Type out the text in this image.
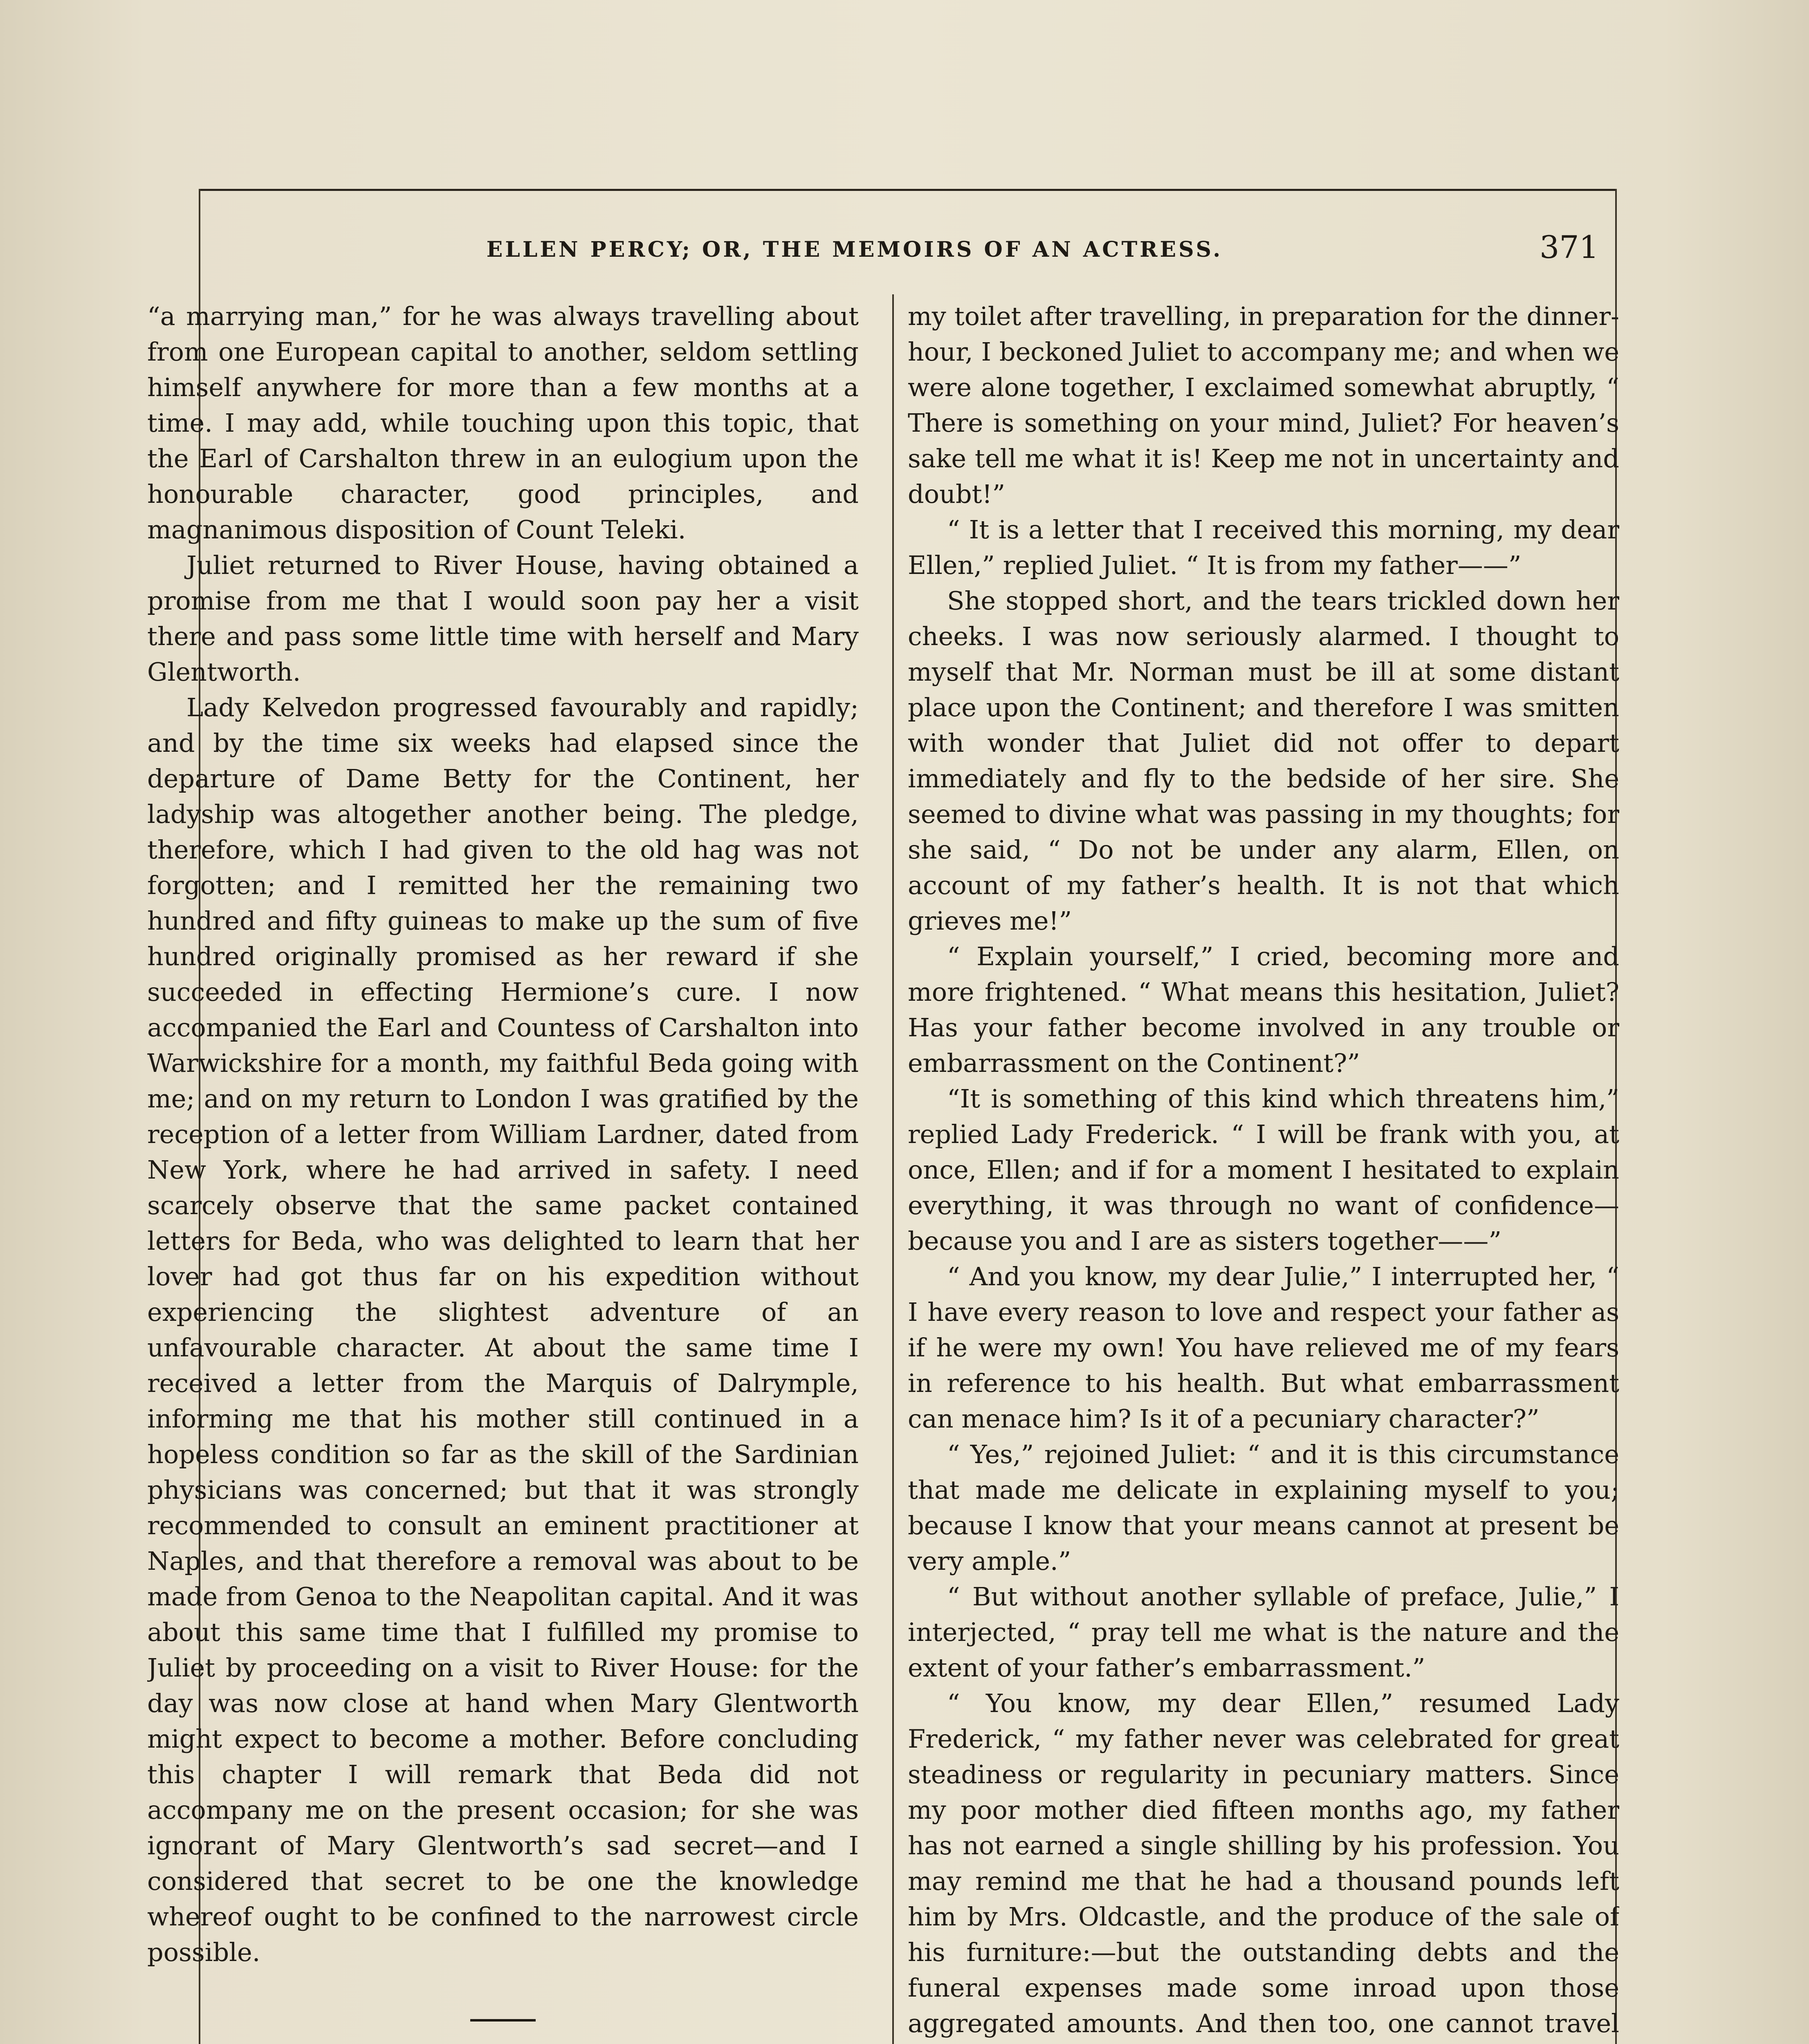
ELLEN PERCY; OR, THE MEMOIRS OF AN ACTRESS.	371

“a marrying man,” for he was always travelling about from one European capital to another, seldom settling himself anywhere for more than a few months at a time. I may add, while touching upon this topic, that the Earl of Carshalton threw in an eulogium upon the honourable character, good principles, and magnanimous disposition of Count Teleki.

Juliet returned to River House, having obtained a promise from me that I would soon pay her a visit there and pass some little time with herself and Mary Glentworth.

Lady Kelvedon progressed favourably and rapidly; and by the time six weeks had elapsed since the departure of Dame Betty for the Continent, her ladyship was altogether another being. The pledge, therefore, which I had given to the old hag was not forgotten; and I remitted her the remaining two hundred and fifty guineas to make up the sum of five hundred originally promised as her reward if she succeeded in effecting Hermione’s cure. I now accompanied the Earl and Countess of Carshalton into Warwickshire for a month, my faithful Beda going with me; and on my return to London I was gratified by the reception of a letter from William Lardner, dated from New York, where he had arrived in safety. I need scarcely observe that the same packet contained letters for Beda, who was delighted to learn that her lover had got thus far on his expedition without experiencing the slightest adventure of an unfavourable character. At about the same time I received a letter from the Marquis of Dalrymple, informing me that his mother still continued in a hopeless condition so far as the skill of the Sardinian physicians was concerned; but that it was strongly recommended to consult an eminent practitioner at Naples, and that therefore a removal was about to be made from Genoa to the Neapolitan capital. And it was about this same time that I fulfilled my promise to Juliet by proceeding on a visit to River House: for the day was now close at hand when Mary Glentworth might expect to become a mother. Before concluding this chapter I will remark that Beda did not accompany me on the present occasion; for she was ignorant of Mary Glentworth’s sad secret—and I considered that secret to be one the knowledge whereof ought to be confined to the narrowest circle possible.

my toilet after travelling, in preparation for the dinner-hour, I beckoned Juliet to accompany me; and when we were alone together, I exclaimed somewhat abruptly, “ There is something on your mind, Juliet? For heaven’s sake tell me what it is! Keep me not in uncertainty and doubt!”

“ It is a letter that I received this morning, my dear Ellen,” replied Juliet. “ It is from my father——”

She stopped short, and the tears trickled down her cheeks. I was now seriously alarmed. I thought to myself that Mr. Norman must be ill at some distant place upon the Continent; and therefore I was smitten with wonder that Juliet did not offer to depart immediately and fly to the bedside of her sire. She seemed to divine what was passing in my thoughts; for she said, “ Do not be under any alarm, Ellen, on account of my father’s health. It is not that which grieves me!”

“ Explain yourself,” I cried, becoming more and more frightened. “ What means this hesitation, Juliet? Has your father become involved in any trouble or embarrassment on the Continent?”

“It is something of this kind which threatens him,” replied Lady Frederick. “ I will be frank with you, at once, Ellen; and if for a moment I hesitated to explain everything, it was through no want of confidence—because you and I are as sisters together——”

“ And you know, my dear Julie,” I interrupted her, “ I have every reason to love and respect your father as if he were my own! You have relieved me of my fears in reference to his health. But what embarrassment can menace him? Is it of a pecuniary character?”

“ Yes,” rejoined Juliet: “ and it is this circumstance that made me delicate in explaining myself to you; because I know that your means cannot at present be very ample.”

“ But without another syllable of preface, Julie,” I interjected, “ pray tell me what is the nature and the extent of your father’s embarrassment.”

“ You know, my dear Ellen,” resumed Lady Frederick, “ my father never was celebrated for great steadiness or regularity in pecuniary matters. Since my poor mother died fifteen months ago, my father has not earned a single shilling by his profession. You may remind me that he had a thousand pounds left him by Mrs. Oldcastle, and the produce of the sale of his furniture:—but the outstanding debts and the funeral expenses made some inroad upon those aggregated amounts. And then too, one cannot travel
